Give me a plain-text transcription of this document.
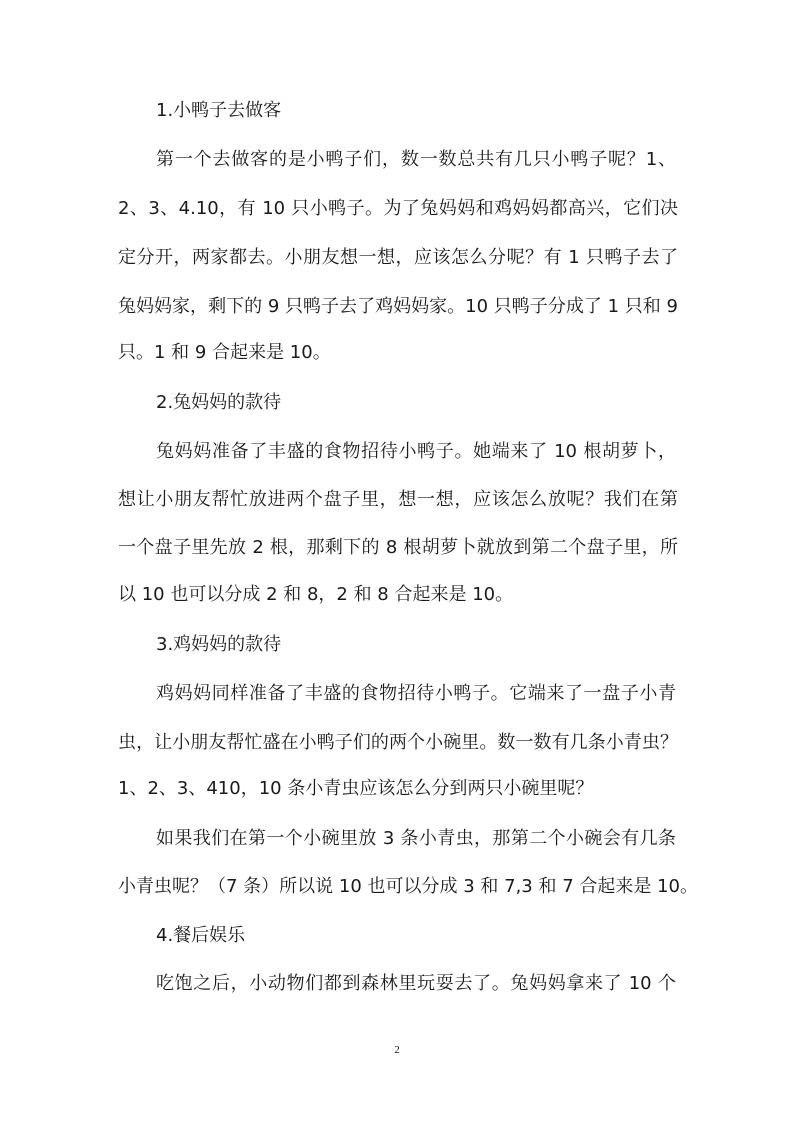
1.小鸭子去做客
第一个去做客的是小鸭子们，数一数总共有几只小鸭子呢？1、
2、3、4.10，有 10 只小鸭子。为了兔妈妈和鸡妈妈都高兴，它们决
定分开，两家都去。小朋友想一想，应该怎么分呢？有 1 只鸭子去了
兔妈妈家，剩下的 9 只鸭子去了鸡妈妈家。10 只鸭子分成了 1 只和 9
只。1 和 9 合起来是 10。
2.兔妈妈的款待
兔妈妈准备了丰盛的食物招待小鸭子。她端来了 10 根胡萝卜，
想让小朋友帮忙放进两个盘子里，想一想，应该怎么放呢？我们在第
一个盘子里先放 2 根，那剩下的 8 根胡萝卜就放到第二个盘子里，所
以 10 也可以分成 2 和 8，2 和 8 合起来是 10。
3.鸡妈妈的款待
鸡妈妈同样准备了丰盛的食物招待小鸭子。它端来了一盘子小青
虫，让小朋友帮忙盛在小鸭子们的两个小碗里。数一数有几条小青虫？
1、2、3、410，10 条小青虫应该怎么分到两只小碗里呢？
如果我们在第一个小碗里放 3 条小青虫，那第二个小碗会有几条
小青虫呢？（7 条）所以说 10 也可以分成 3 和 7,3 和 7 合起来是 10。
4.餐后娱乐
吃饱之后，小动物们都到森林里玩耍去了。兔妈妈拿来了 10 个
2
